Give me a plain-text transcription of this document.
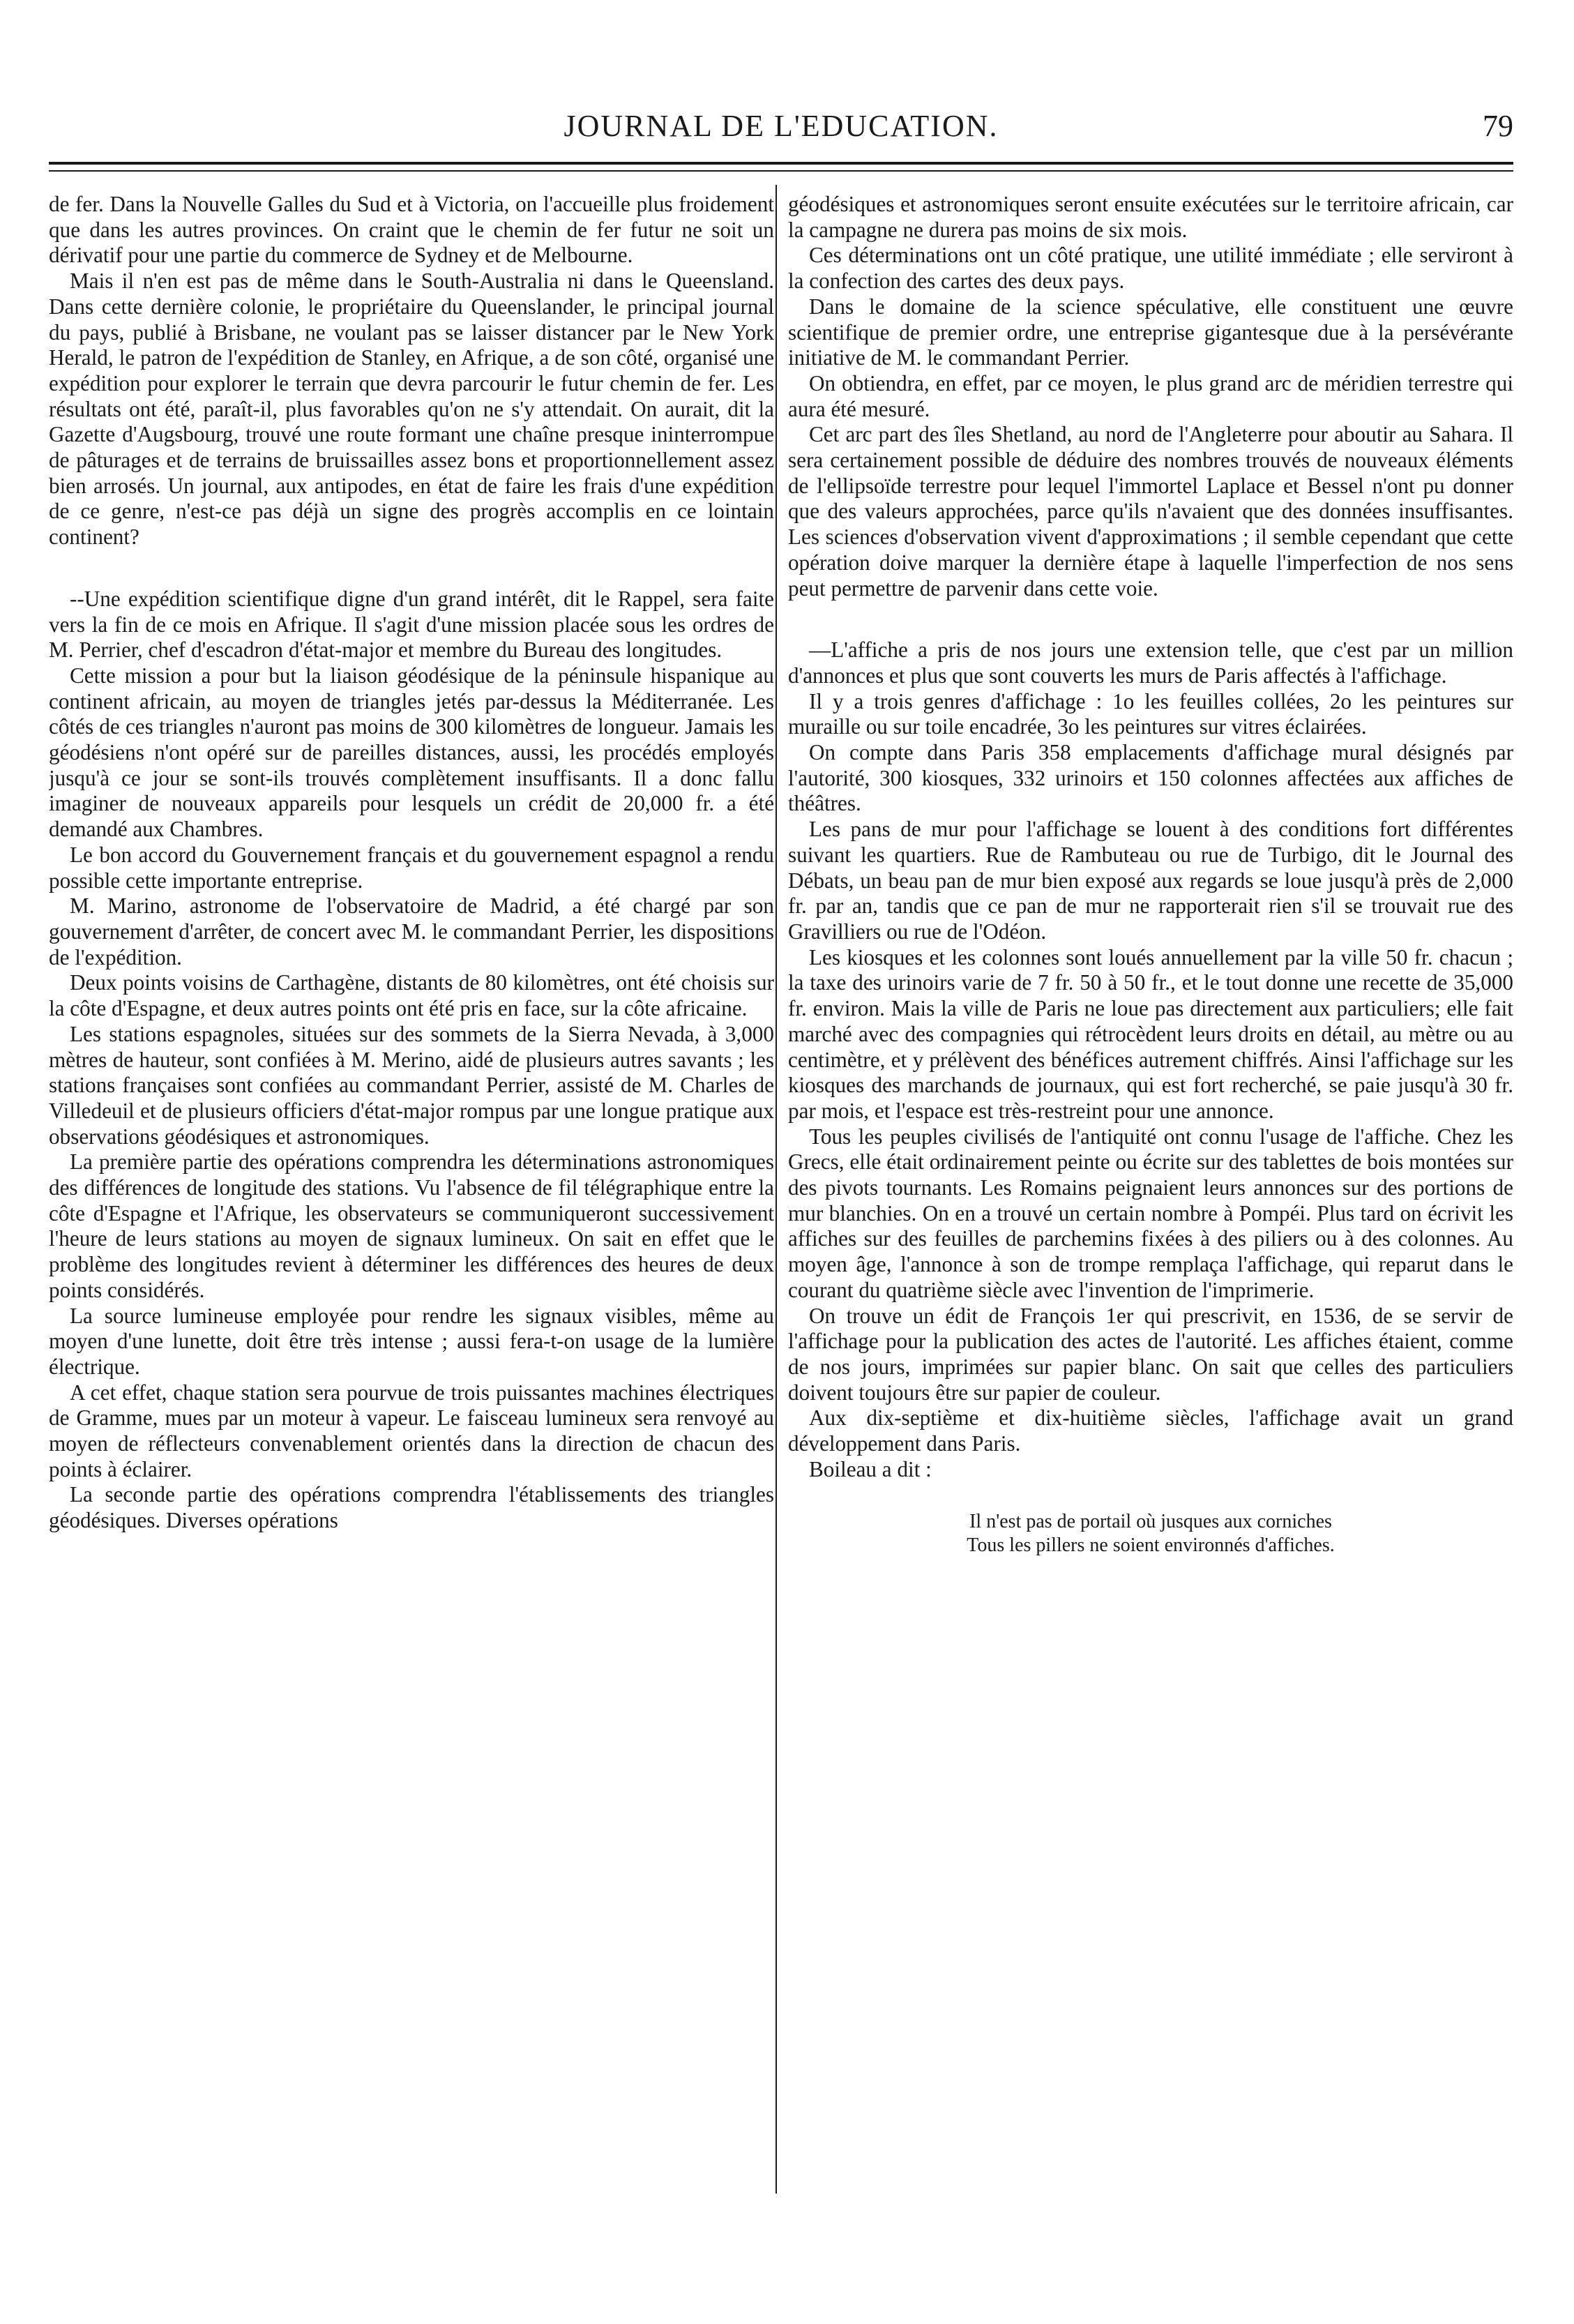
JOURNAL DE L'EDUCATION.	79

de fer. Dans la Nouvelle Galles du Sud et à Victoria, on l'accueille plus froidement que dans les autres provinces. On craint que le chemin de fer futur ne soit un dérivatif pour une partie du commerce de Sydney et de Melbourne.

Mais il n'en est pas de même dans le South-Australia ni dans le Queensland. Dans cette dernière colonie, le propriétaire du Queenslander, le principal journal du pays, publié à Brisbane, ne voulant pas se laisser distancer par le New York Herald, le patron de l'expédition de Stanley, en Afrique, a de son côté, organisé une expédition pour explorer le terrain que devra parcourir le futur chemin de fer. Les résultats ont été, paraît-il, plus favorables qu'on ne s'y attendait. On aurait, dit la Gazette d'Augsbourg, trouvé une route formant une chaîne presque ininterrompue de pâturages et de terrains de bruissailles assez bons et proportionnellement assez bien arrosés. Un journal, aux antipodes, en état de faire les frais d'une expédition de ce genre, n'est-ce pas déjà un signe des progrès accomplis en ce lointain continent?

--Une expédition scientifique digne d'un grand intérêt, dit le Rappel, sera faite vers la fin de ce mois en Afrique. Il s'agit d'une mission placée sous les ordres de M. Perrier, chef d'escadron d'état-major et membre du Bureau des longitudes.

Cette mission a pour but la liaison géodésique de la péninsule hispanique au continent africain, au moyen de triangles jetés par-dessus la Méditerranée. Les côtés de ces triangles n'auront pas moins de 300 kilomètres de longueur. Jamais les géodésiens n'ont opéré sur de pareilles distances, aussi, les procédés employés jusqu'à ce jour se sont-ils trouvés complètement insuffisants. Il a donc fallu imaginer de nouveaux appareils pour lesquels un crédit de 20,000 fr. a été demandé aux Chambres.

Le bon accord du Gouvernement français et du gouvernement espagnol a rendu possible cette importante entreprise.

M. Marino, astronome de l'observatoire de Madrid, a été chargé par son gouvernement d'arrêter, de concert avec M. le commandant Perrier, les dispositions de l'expédition.

Deux points voisins de Carthagène, distants de 80 kilomètres, ont été choisis sur la côte d'Espagne, et deux autres points ont été pris en face, sur la côte africaine.

Les stations espagnoles, situées sur des sommets de la Sierra Nevada, à 3,000 mètres de hauteur, sont confiées à M. Merino, aidé de plusieurs autres savants ; les stations françaises sont confiées au commandant Perrier, assisté de M. Charles de Villedeuil et de plusieurs officiers d'état-major rompus par une longue pratique aux observations géodésiques et astronomiques.

La première partie des opérations comprendra les déterminations astronomiques des différences de longitude des stations. Vu l'absence de fil télégraphique entre la côte d'Espagne et l'Afrique, les observateurs se communiqueront successivement l'heure de leurs stations au moyen de signaux lumineux. On sait en effet que le problème des longitudes revient à déterminer les différences des heures de deux points considérés.

La source lumineuse employée pour rendre les signaux visibles, même au moyen d'une lunette, doit être très intense ; aussi fera-t-on usage de la lumière électrique.

A cet effet, chaque station sera pourvue de trois puissantes machines électriques de Gramme, mues par un moteur à vapeur. Le faisceau lumineux sera renvoyé au moyen de réflecteurs convenablement orientés dans la direction de chacun des points à éclairer.

La seconde partie des opérations comprendra l'établissements des triangles géodésiques. Diverses opérations

géodésiques et astronomiques seront ensuite exécutées sur le territoire africain, car la campagne ne durera pas moins de six mois.

Ces déterminations ont un côté pratique, une utilité immédiate ; elle serviront à la confection des cartes des deux pays.

Dans le domaine de la science spéculative, elle constituent une œuvre scientifique de premier ordre, une entreprise gigantesque due à la persévérante initiative de M. le commandant Perrier.

On obtiendra, en effet, par ce moyen, le plus grand arc de méridien terrestre qui aura été mesuré.

Cet arc part des îles Shetland, au nord de l'Angleterre pour aboutir au Sahara. Il sera certainement possible de déduire des nombres trouvés de nouveaux éléments de l'ellipsoïde terrestre pour lequel l'immortel Laplace et Bessel n'ont pu donner que des valeurs approchées, parce qu'ils n'avaient que des données insuffisantes. Les sciences d'observation vivent d'approximations ; il semble cependant que cette opération doive marquer la dernière étape à laquelle l'imperfection de nos sens peut permettre de parvenir dans cette voie.

—L'affiche a pris de nos jours une extension telle, que c'est par un million d'annonces et plus que sont couverts les murs de Paris affectés à l'affichage.

Il y a trois genres d'affichage : 1o les feuilles collées, 2o les peintures sur muraille ou sur toile encadrée, 3o les peintures sur vitres éclairées.

On compte dans Paris 358 emplacements d'affichage mural désignés par l'autorité, 300 kiosques, 332 urinoirs et 150 colonnes affectées aux affiches de théâtres.

Les pans de mur pour l'affichage se louent à des conditions fort différentes suivant les quartiers. Rue de Rambuteau ou rue de Turbigo, dit le Journal des Débats, un beau pan de mur bien exposé aux regards se loue jusqu'à près de 2,000 fr. par an, tandis que ce pan de mur ne rapporterait rien s'il se trouvait rue des Gravilliers ou rue de l'Odéon.

Les kiosques et les colonnes sont loués annuellement par la ville 50 fr. chacun ; la taxe des urinoirs varie de 7 fr. 50 à 50 fr., et le tout donne une recette de 35,000 fr. environ. Mais la ville de Paris ne loue pas directement aux particuliers; elle fait marché avec des compagnies qui rétrocèdent leurs droits en détail, au mètre ou au centimètre, et y prélèvent des bénéfices autrement chiffrés. Ainsi l'affichage sur les kiosques des marchands de journaux, qui est fort recherché, se paie jusqu'à 30 fr. par mois, et l'espace est très-restreint pour une annonce.

Tous les peuples civilisés de l'antiquité ont connu l'usage de l'affiche. Chez les Grecs, elle était ordinairement peinte ou écrite sur des tablettes de bois montées sur des pivots tournants. Les Romains peignaient leurs annonces sur des portions de mur blanchies. On en a trouvé un certain nombre à Pompéi. Plus tard on écrivit les affiches sur des feuilles de parchemins fixées à des piliers ou à des colonnes. Au moyen âge, l'annonce à son de trompe remplaça l'affichage, qui reparut dans le courant du quatrième siècle avec l'invention de l'imprimerie.

On trouve un édit de François 1er qui prescrivit, en 1536, de se servir de l'affichage pour la publication des actes de l'autorité. Les affiches étaient, comme de nos jours, imprimées sur papier blanc. On sait que celles des particuliers doivent toujours être sur papier de couleur.

Aux dix-septième et dix-huitième siècles, l'affichage avait un grand développement dans Paris.

Boileau a dit :

Il n'est pas de portail où jusques aux corniches
Tous les pillers ne soient environnés d'affiches.
